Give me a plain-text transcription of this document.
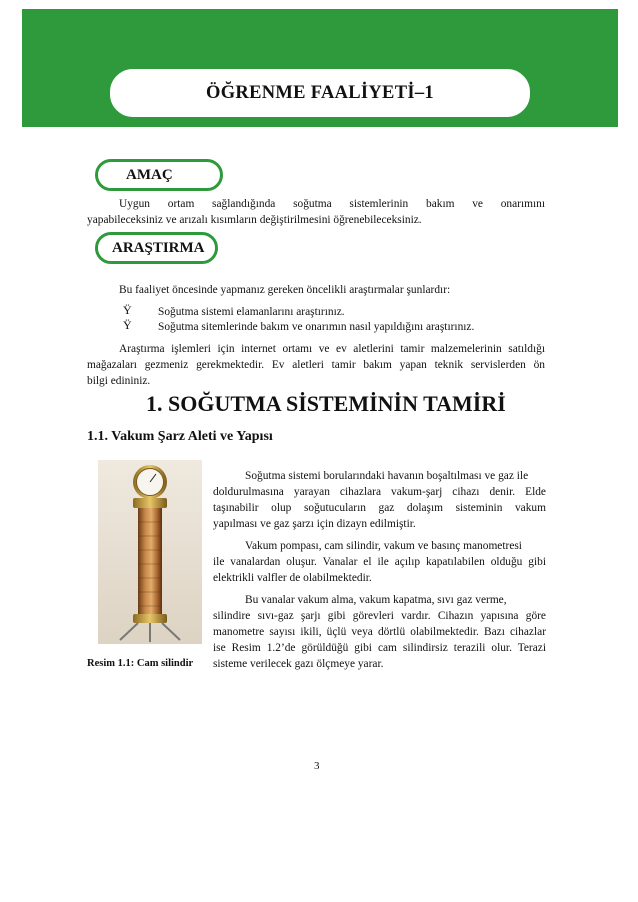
ÖĞRENME FAALİYETİ–1
AMAÇ
Uygun ortam sağlandığında soğutma sistemlerinin bakım ve onarımını
yapabileceksiniz ve arızalı kısımların değiştirilmesini öğrenebileceksiniz.
ARAŞTIRMA
Bu faaliyet öncesinde yapmanız gereken öncelikli araştırmalar şunlardır:
Ÿ Soğutma sistemi elamanlarını araştırınız.
Ÿ Soğutma sitemlerinde bakım ve onarımın nasıl yapıldığını araştırınız.
Araştırma işlemleri için internet ortamı ve ev aletlerini tamir malzemelerinin satıldığı
mağazaları gezmeniz gerekmektedir. Ev aletleri tamir bakım yapan teknik servislerden ön
bilgi edininiz.
1. SOĞUTMA SİSTEMİNİN TAMİRİ
1.1. Vakum Şarz Aleti ve Yapısı
Resim 1.1: Cam silindir
Soğutma sistemi borularındaki havanın boşaltılması ve gaz ile
doldurulmasına yarayan cihazlara vakum-şarj cihazı denir. Elde
taşınabilir olup soğutucuların gaz dolaşım sisteminin vakum
yapılması ve gaz şarzı için dizayn edilmiştir.
Vakum pompası, cam silindir, vakum ve basınç manometresi
ile vanalardan oluşur. Vanalar el ile açılıp kapatılabilen olduğu gibi
elektrikli valfler de olabilmektedir.
Bu vanalar vakum alma, vakum kapatma, sıvı gaz verme,
silindire sıvı-gaz şarjı gibi görevleri vardır. Cihazın yapısına göre
manometre sayısı ikili, üçlü veya dörtlü olabilmektedir. Bazı cihazlar
ise Resim 1.2’de görüldüğü gibi cam silindirsiz terazili olur. Terazi
sisteme verilecek gazı ölçmeye yarar.
3
